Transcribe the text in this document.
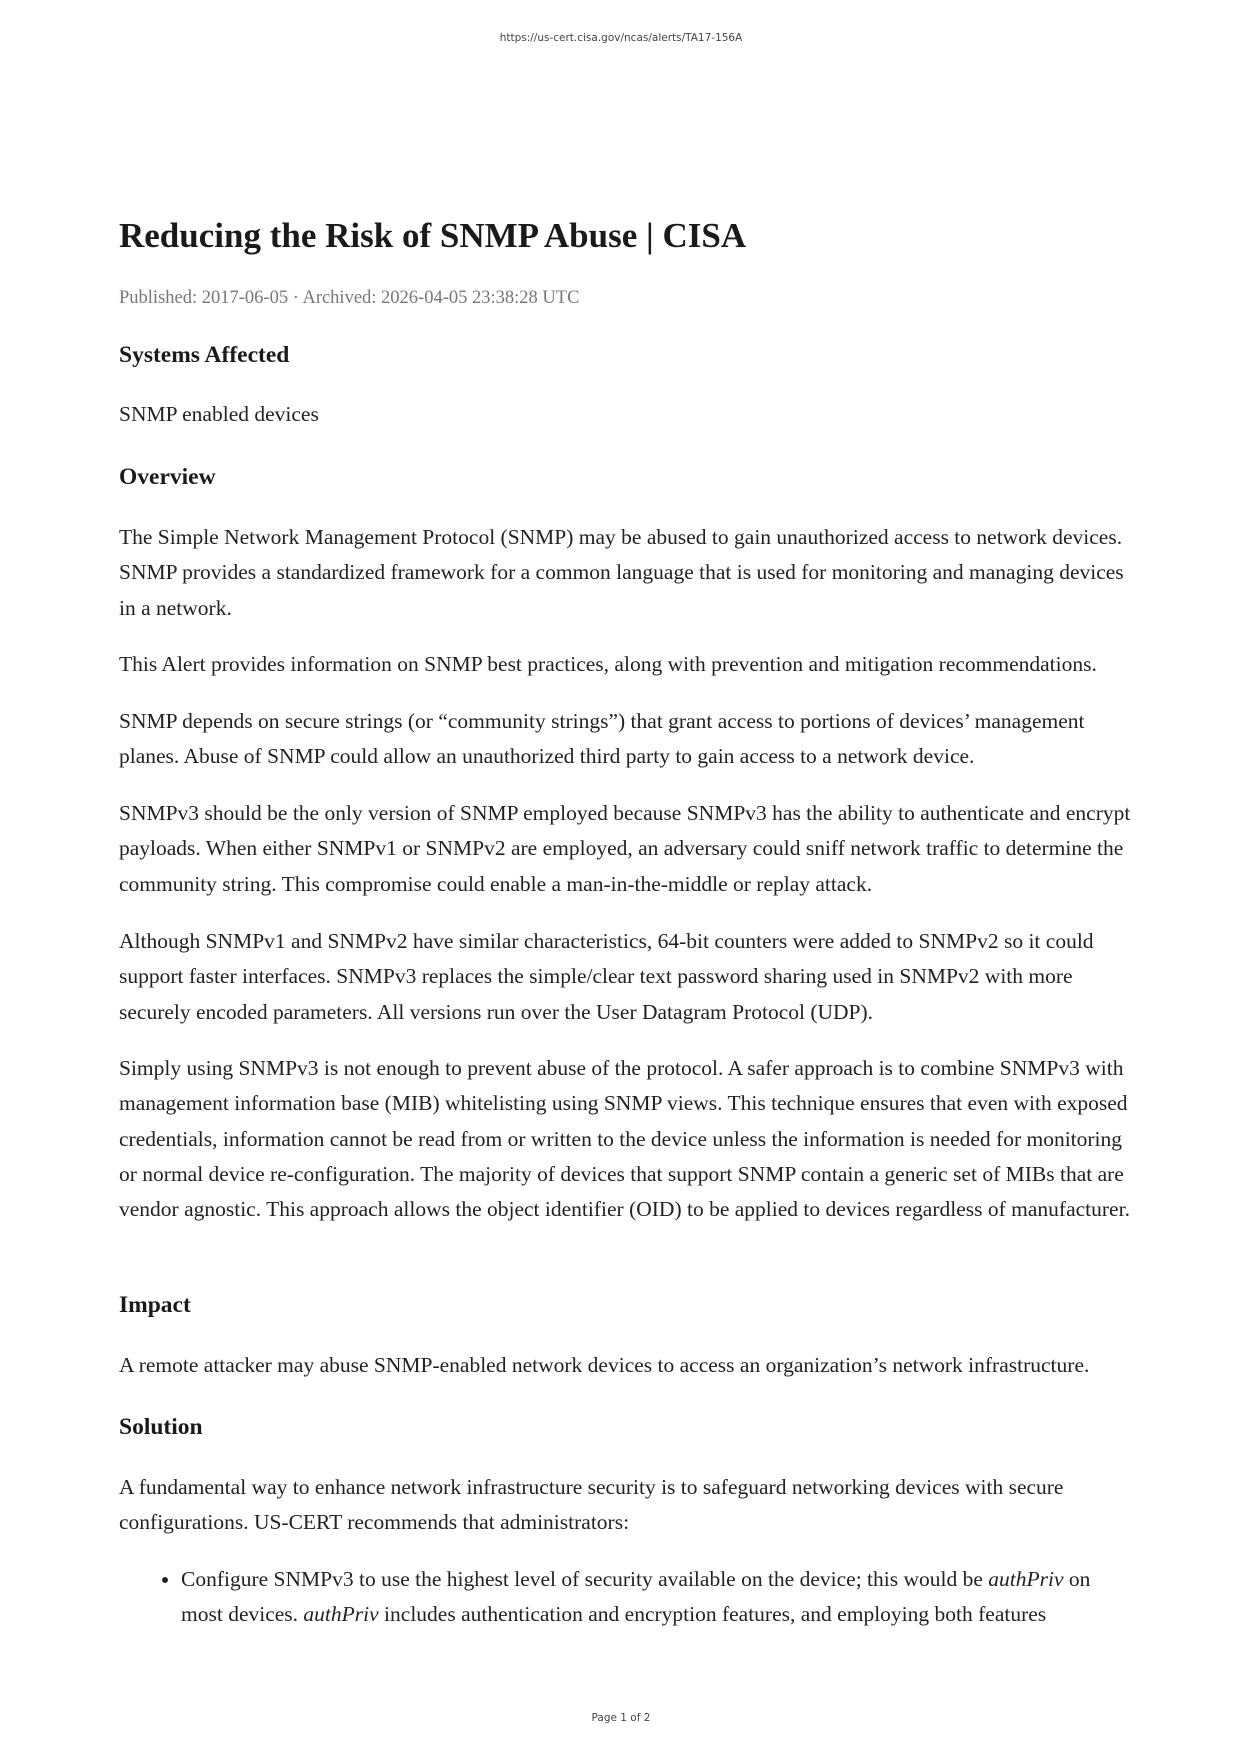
https://us-cert.cisa.gov/ncas/alerts/TA17-156A
Reducing the Risk of SNMP Abuse | CISA
Published: 2017-06-05 · Archived: 2026-04-05 23:38:28 UTC
Systems Affected

SNMP enabled devices

Overview

The Simple Network Management Protocol (SNMP) may be abused to gain unauthorized access to network devices. SNMP provides a standardized framework for a common language that is used for monitoring and managing devices in a network.

This Alert provides information on SNMP best practices, along with prevention and mitigation recommendations.

SNMP depends on secure strings (or “community strings”) that grant access to portions of devices’ management planes. Abuse of SNMP could allow an unauthorized third party to gain access to a network device.

SNMPv3 should be the only version of SNMP employed because SNMPv3 has the ability to authenticate and encrypt payloads. When either SNMPv1 or SNMPv2 are employed, an adversary could sniff network traffic to determine the community string. This compromise could enable a man-in-the-middle or replay attack.

Although SNMPv1 and SNMPv2 have similar characteristics, 64-bit counters were added to SNMPv2 so it could support faster interfaces. SNMPv3 replaces the simple/clear text password sharing used in SNMPv2 with more securely encoded parameters. All versions run over the User Datagram Protocol (UDP).

Simply using SNMPv3 is not enough to prevent abuse of the protocol. A safer approach is to combine SNMPv3 with management information base (MIB) whitelisting using SNMP views. This technique ensures that even with exposed credentials, information cannot be read from or written to the device unless the information is needed for monitoring or normal device re-configuration. The majority of devices that support SNMP contain a generic set of MIBs that are vendor agnostic. This approach allows the object identifier (OID) to be applied to devices regardless of manufacturer.

Impact

A remote attacker may abuse SNMP-enabled network devices to access an organization’s network infrastructure.

Solution

A fundamental way to enhance network infrastructure security is to safeguard networking devices with secure configurations. US-CERT recommends that administrators:

• Configure SNMPv3 to use the highest level of security available on the device; this would be authPriv on most devices. authPriv includes authentication and encryption features, and employing both features
Page 1 of 2
